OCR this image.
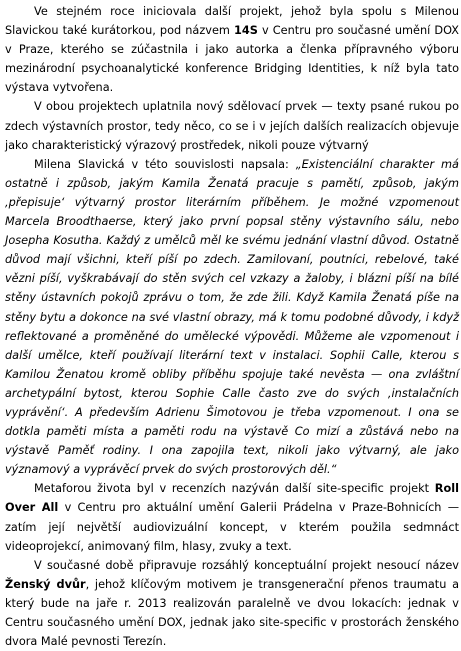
Ve stejném roce iniciovala další projekt, jehož byla spolu s Milenou Slavickou také kurátorkou, pod názvem 14S v Centru pro současné umění DOX v Praze, kterého se zúčastnila i jako autorka a členka přípravného výboru mezinárodní psychoanalytické konference Bridging Identities, k níž byla tato výstava vytvořena.

V obou projektech uplatnila nový sdělovací prvek — texty psané rukou po zdech výstavních prostor, tedy něco, co se i v jejích dalších realizacích objevuje jako charakteristický výrazový prostředek, nikoli pouze výtvarný

Milena Slavická v této souvislosti napsala: „Existenciální charakter má ostatně i způsob, jakým Kamila Ženatá pracuje s pamětí, způsob, jakým ‚přepisuje‘ výtvarný prostor literárním příběhem. Je možné vzpomenout Marcela Broodthaerse, který jako první popsal stěny výstavního sálu, nebo Josepha Kosutha. Každý z umělců měl ke svému jednání vlastní důvod. Ostatně důvod mají všichni, kteří píší po zdech. Zamilovaní, poutníci, rebelové, také vězni píší, vyškrabávají do stěn svých cel vzkazy a žaloby, i blázni píší na bílé stěny ústavních pokojů zprávu o tom, že zde žili. Když Kamila Ženatá píše na stěny bytu a dokonce na své vlastní obrazy, má k tomu podobné důvody, i když reflektované a proměněné do umělecké výpovědi. Můžeme ale vzpomenout i další umělce, kteří používají literární text v instalaci. Sophii Calle, kterou s Kamilou Ženatou kromě obliby příběhu spojuje také nevěsta — ona zvláštní archetypální bytost, kterou Sophie Calle často zve do svých ‚instalačních vyprávění‘. A především Adrienu Šimotovou je třeba vzpomenout. I ona se dotkla paměti místa a paměti rodu na výstavě Co mizí a zůstává nebo na výstavě Paměť rodiny. I ona zapojila text, nikoli jako výtvarný, ale jako významový a vyprávěcí prvek do svých prostorových děl.“

Metaforou života byl v recenzích nazýván další site-specific projekt Roll Over All v Centru pro aktuální umění Galerii Prádelna v Praze-Bohnicích — zatím její největší audiovizuální koncept, v kterém použila sedmnáct videoprojekcí, animovaný film, hlasy, zvuky a text.

V současné době připravuje rozsáhlý konceptuální projekt nesoucí název Ženský dvůr, jehož klíčovým motivem je transgenerační přenos traumatu a který bude na jaře r. 2013 realizován paralelně ve dvou lokacích: jednak v Centru současného umění DOX, jednak jako site-specific v prostorách ženského dvora Malé pevnosti Terezín.
